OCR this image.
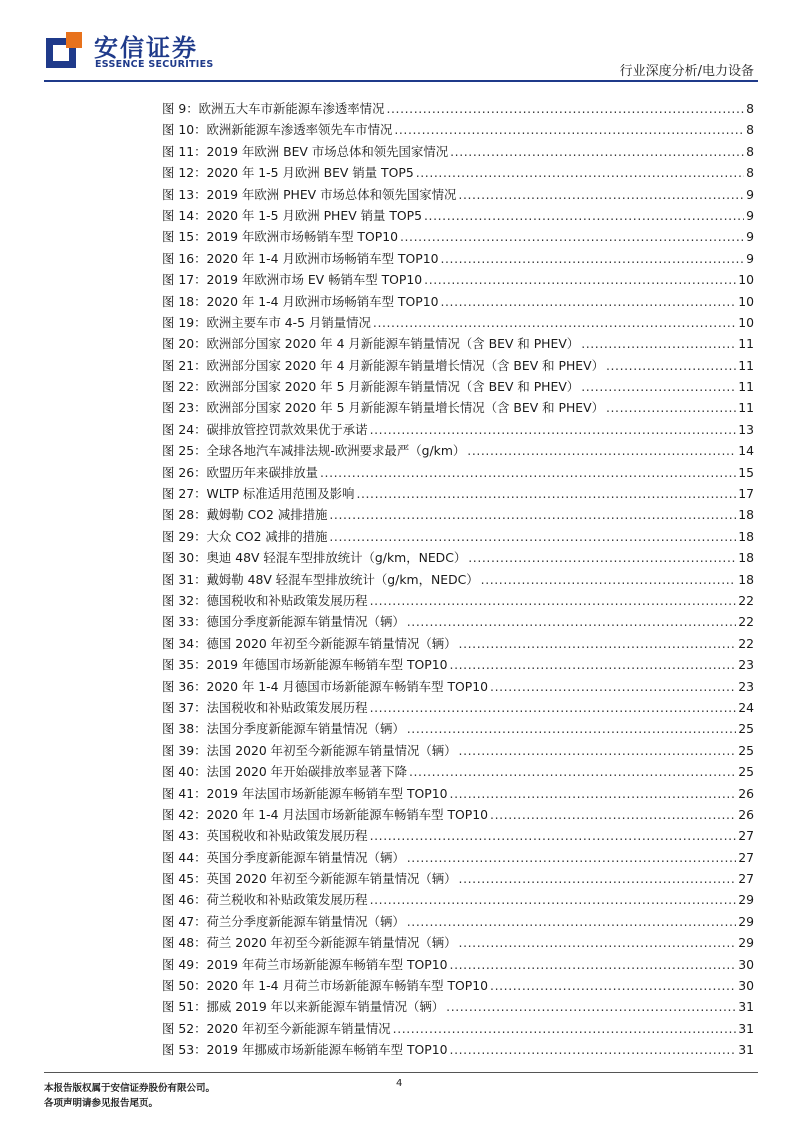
安信证券
ESSENCE SECURITIES	行业深度分析/电力设备
图 9：欧洲五大车市新能源车渗透率情况 .....	8
图 10：欧洲新能源车渗透率领先车市情况 .....	8
图 11：2019 年欧洲 BEV 市场总体和领先国家情况 .....	8
图 12：2020 年 1-5 月欧洲 BEV 销量 TOP5 .....	8
图 13：2019 年欧洲 PHEV 市场总体和领先国家情况 .....	9
图 14：2020 年 1-5 月欧洲 PHEV 销量 TOP5 .....	9
图 15：2019 年欧洲市场畅销车型 TOP10 .....	9
图 16：2020 年 1-4 月欧洲市场畅销车型 TOP10 .....	9
图 17：2019 年欧洲市场 EV 畅销车型 TOP10 .....	10
图 18：2020 年 1-4 月欧洲市场畅销车型 TOP10 .....	10
图 19：欧洲主要车市 4-5 月销量情况 .....	10
图 20：欧洲部分国家 2020 年 4 月新能源车销量情况（含 BEV 和 PHEV） .....	11
图 21：欧洲部分国家 2020 年 4 月新能源车销量增长情况（含 BEV 和 PHEV） .....	11
图 22：欧洲部分国家 2020 年 5 月新能源车销量情况（含 BEV 和 PHEV） .....	11
图 23：欧洲部分国家 2020 年 5 月新能源车销量增长情况（含 BEV 和 PHEV） .....	11
图 24：碳排放管控罚款效果优于承诺 .....	13
图 25：全球各地汽车减排法规-欧洲要求最严（g/km） .....	14
图 26：欧盟历年来碳排放量 .....	15
图 27：WLTP 标准适用范围及影响 .....	17
图 28：戴姆勒 CO2 减排措施 .....	18
图 29：大众 CO2 减排的措施 .....	18
图 30：奥迪 48V 轻混车型排放统计（g/km，NEDC） .....	18
图 31：戴姆勒 48V 轻混车型排放统计（g/km，NEDC） .....	18
图 32：德国税收和补贴政策发展历程 .....	22
图 33：德国分季度新能源车销量情况（辆） .....	22
图 34：德国 2020 年初至今新能源车销量情况（辆） .....	22
图 35：2019 年德国市场新能源车畅销车型 TOP10 .....	23
图 36：2020 年 1-4 月德国市场新能源车畅销车型 TOP10 .....	23
图 37：法国税收和补贴政策发展历程 .....	24
图 38：法国分季度新能源车销量情况（辆） .....	25
图 39：法国 2020 年初至今新能源车销量情况（辆） .....	25
图 40：法国 2020 年开始碳排放率显著下降 .....	25
图 41：2019 年法国市场新能源车畅销车型 TOP10 .....	26
图 42：2020 年 1-4 月法国市场新能源车畅销车型 TOP10 .....	26
图 43：英国税收和补贴政策发展历程 .....	27
图 44：英国分季度新能源车销量情况（辆） .....	27
图 45：英国 2020 年初至今新能源车销量情况（辆） .....	27
图 46：荷兰税收和补贴政策发展历程 .....	29
图 47：荷兰分季度新能源车销量情况（辆） .....	29
图 48：荷兰 2020 年初至今新能源车销量情况（辆） .....	29
图 49：2019 年荷兰市场新能源车畅销车型 TOP10 .....	30
图 50：2020 年 1-4 月荷兰市场新能源车畅销车型 TOP10 .....	30
图 51：挪威 2019 年以来新能源车销量情况（辆） .....	31
图 52：2020 年初至今新能源车销量情况 .....	31
图 53：2019 年挪威市场新能源车畅销车型 TOP10 .....	31
本报告版权属于安信证券股份有限公司。
各项声明请参见报告尾页。
4
